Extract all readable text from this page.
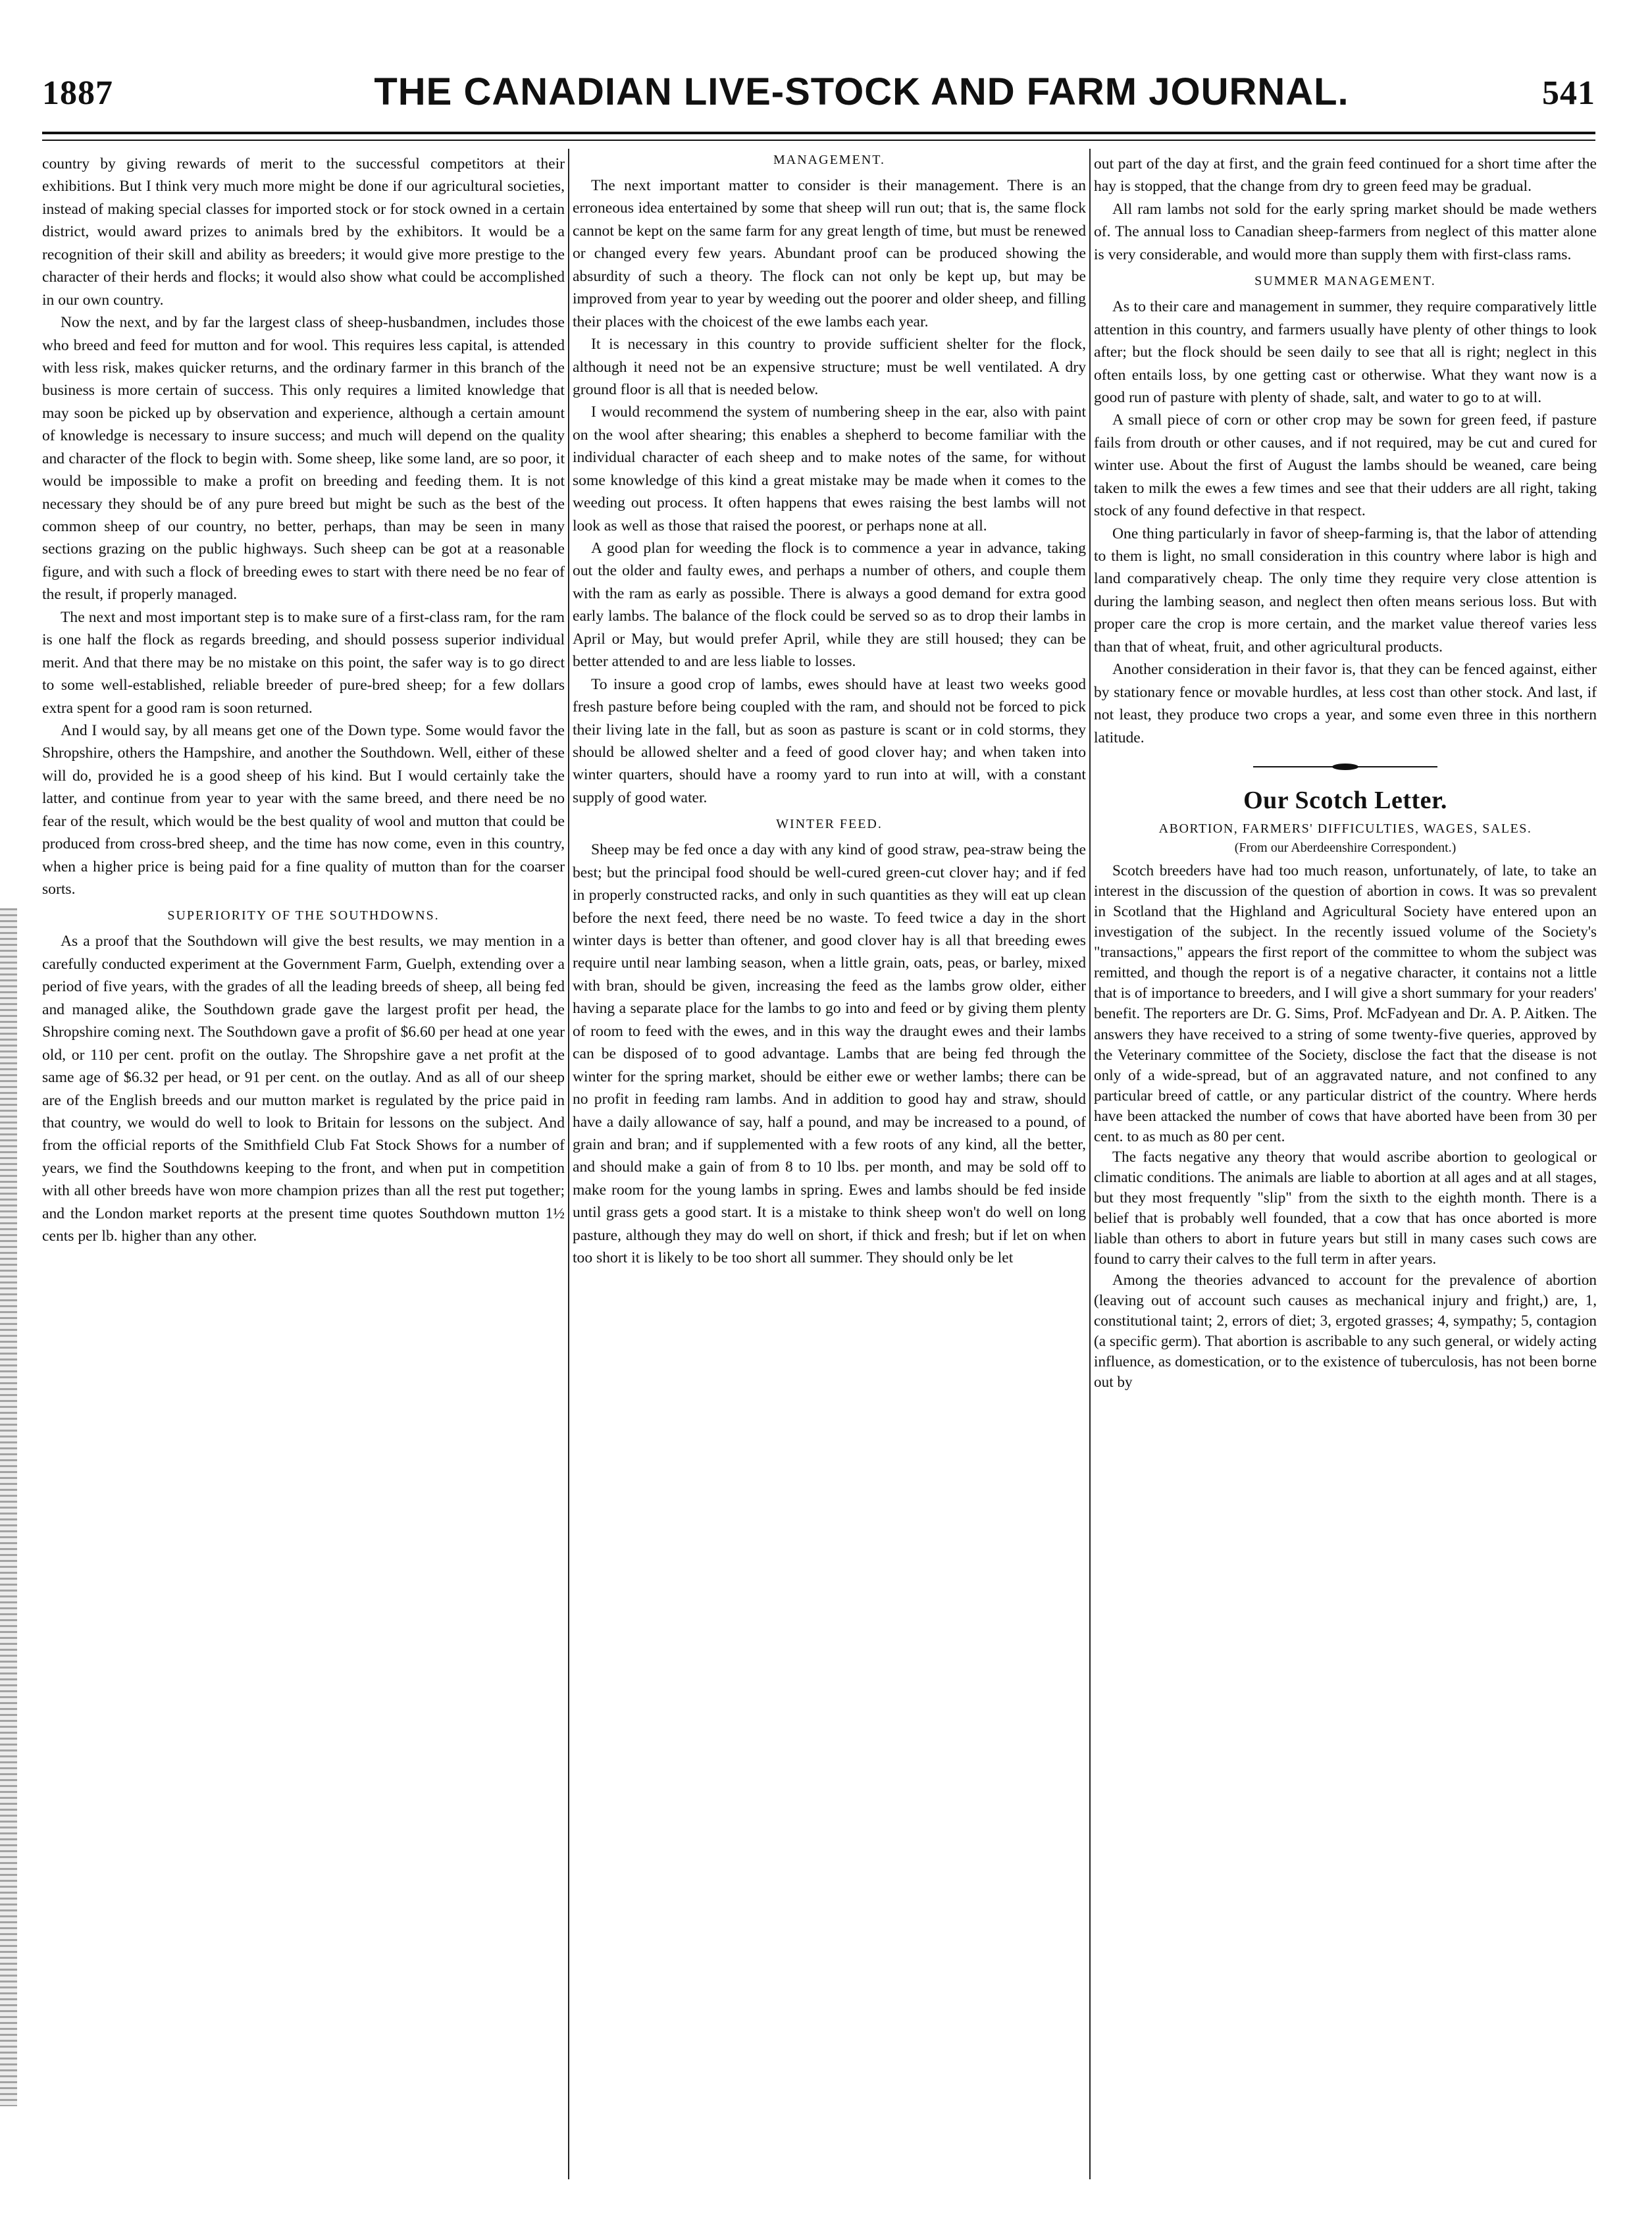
1887	THE CANADIAN LIVE-STOCK AND FARM JOURNAL.	541

country by giving rewards of merit to the successful competitors at their exhibitions. But I think very much more might be done if our agricultural societies, instead of making special classes for imported stock or for stock owned in a certain district, would award prizes to animals bred by the exhibitors. It would be a recognition of their skill and ability as breeders; it would give more prestige to the character of their herds and flocks; it would also show what could be accomplished in our own country.

Now the next, and by far the largest class of sheep-husbandmen, includes those who breed and feed for mutton and for wool. This requires less capital, is attended with less risk, makes quicker returns, and the ordinary farmer in this branch of the business is more certain of success. This only requires a limited knowledge that may soon be picked up by observation and experience, although a certain amount of knowledge is necessary to insure success; and much will depend on the quality and character of the flock to begin with. Some sheep, like some land, are so poor, it would be impossible to make a profit on breeding and feeding them. It is not necessary they should be of any pure breed but might be such as the best of the common sheep of our country, no better, perhaps, than may be seen in many sections grazing on the public highways. Such sheep can be got at a reasonable figure, and with such a flock of breeding ewes to start with there need be no fear of the result, if properly managed.

The next and most important step is to make sure of a first-class ram, for the ram is one half the flock as regards breeding, and should possess superior individual merit. And that there may be no mistake on this point, the safer way is to go direct to some well-established, reliable breeder of pure-bred sheep; for a few dollars extra spent for a good ram is soon returned.

And I would say, by all means get one of the Down type. Some would favor the Shropshire, others the Hampshire, and another the Southdown. Well, either of these will do, provided he is a good sheep of his kind. But I would certainly take the latter, and continue from year to year with the same breed, and there need be no fear of the result, which would be the best quality of wool and mutton that could be produced from cross-bred sheep, and the time has now come, even in this country, when a higher price is being paid for a fine quality of mutton than for the coarser sorts.

SUPERIORITY OF THE SOUTHDOWNS.

As a proof that the Southdown will give the best results, we may mention in a carefully conducted experiment at the Government Farm, Guelph, extending over a period of five years, with the grades of all the leading breeds of sheep, all being fed and managed alike, the Southdown grade gave the largest profit per head, the Shropshire coming next. The Southdown gave a profit of $6.60 per head at one year old, or 110 per cent. profit on the outlay. The Shropshire gave a net profit at the same age of $6.32 per head, or 91 per cent. on the outlay. And as all of our sheep are of the English breeds and our mutton market is regulated by the price paid in that country, we would do well to look to Britain for lessons on the subject. And from the official reports of the Smithfield Club Fat Stock Shows for a number of years, we find the Southdowns keeping to the front, and when put in competition with all other breeds have won more champion prizes than all the rest put together; and the London market reports at the present time quotes Southdown mutton 1½ cents per lb. higher than any other.

MANAGEMENT.

The next important matter to consider is their management. There is an erroneous idea entertained by some that sheep will run out; that is, the same flock cannot be kept on the same farm for any great length of time, but must be renewed or changed every few years. Abundant proof can be produced showing the absurdity of such a theory. The flock can not only be kept up, but may be improved from year to year by weeding out the poorer and older sheep, and filling their places with the choicest of the ewe lambs each year.

It is necessary in this country to provide sufficient shelter for the flock, although it need not be an expensive structure; must be well ventilated. A dry ground floor is all that is needed below.

I would recommend the system of numbering sheep in the ear, also with paint on the wool after shearing; this enables a shepherd to become familiar with the individual character of each sheep and to make notes of the same, for without some knowledge of this kind a great mistake may be made when it comes to the weeding out process. It often happens that ewes raising the best lambs will not look as well as those that raised the poorest, or perhaps none at all.

A good plan for weeding the flock is to commence a year in advance, taking out the older and faulty ewes, and perhaps a number of others, and couple them with the ram as early as possible. There is always a good demand for extra good early lambs. The balance of the flock could be served so as to drop their lambs in April or May, but would prefer April, while they are still housed; they can be better attended to and are less liable to losses.

To insure a good crop of lambs, ewes should have at least two weeks good fresh pasture before being coupled with the ram, and should not be forced to pick their living late in the fall, but as soon as pasture is scant or in cold storms, they should be allowed shelter and a feed of good clover hay; and when taken into winter quarters, should have a roomy yard to run into at will, with a constant supply of good water.

WINTER FEED.

Sheep may be fed once a day with any kind of good straw, pea-straw being the best; but the principal food should be well-cured green-cut clover hay; and if fed in properly constructed racks, and only in such quantities as they will eat up clean before the next feed, there need be no waste. To feed twice a day in the short winter days is better than oftener, and good clover hay is all that breeding ewes require until near lambing season, when a little grain, oats, peas, or barley, mixed with bran, should be given, increasing the feed as the lambs grow older, either having a separate place for the lambs to go into and feed or by giving them plenty of room to feed with the ewes, and in this way the draught ewes and their lambs can be disposed of to good advantage. Lambs that are being fed through the winter for the spring market, should be either ewe or wether lambs; there can be no profit in feeding ram lambs. And in addition to good hay and straw, should have a daily allowance of say, half a pound, and may be increased to a pound, of grain and bran; and if supplemented with a few roots of any kind, all the better, and should make a gain of from 8 to 10 lbs. per month, and may be sold off to make room for the young lambs in spring. Ewes and lambs should be fed inside until grass gets a good start. It is a mistake to think sheep won't do well on long pasture, although they may do well on short, if thick and fresh; but if let on when too short it is likely to be too short all summer. They should only be let

out part of the day at first, and the grain feed continued for a short time after the hay is stopped, that the change from dry to green feed may be gradual.

All ram lambs not sold for the early spring market should be made wethers of. The annual loss to Canadian sheep-farmers from neglect of this matter alone is very considerable, and would more than supply them with first-class rams.

SUMMER MANAGEMENT.

As to their care and management in summer, they require comparatively little attention in this country, and farmers usually have plenty of other things to look after; but the flock should be seen daily to see that all is right; neglect in this often entails loss, by one getting cast or otherwise. What they want now is a good run of pasture with plenty of shade, salt, and water to go to at will.

A small piece of corn or other crop may be sown for green feed, if pasture fails from drouth or other causes, and if not required, may be cut and cured for winter use. About the first of August the lambs should be weaned, care being taken to milk the ewes a few times and see that their udders are all right, taking stock of any found defective in that respect.

One thing particularly in favor of sheep-farming is, that the labor of attending to them is light, no small consideration in this country where labor is high and land comparatively cheap. The only time they require very close attention is during the lambing season, and neglect then often means serious loss. But with proper care the crop is more certain, and the market value thereof varies less than that of wheat, fruit, and other agricultural products.

Another consideration in their favor is, that they can be fenced against, either by stationary fence or movable hurdles, at less cost than other stock. And last, if not least, they produce two crops a year, and some even three in this northern latitude.

Our Scotch Letter.
ABORTION, FARMERS' DIFFICULTIES, WAGES, SALES.
(From our Aberdeenshire Correspondent.)

Scotch breeders have had too much reason, unfortunately, of late, to take an interest in the discussion of the question of abortion in cows. It was so prevalent in Scotland that the Highland and Agricultural Society have entered upon an investigation of the subject. In the recently issued volume of the Society's "transactions," appears the first report of the committee to whom the subject was remitted, and though the report is of a negative character, it contains not a little that is of importance to breeders, and I will give a short summary for your readers' benefit. The reporters are Dr. G. Sims, Prof. McFadyean and Dr. A. P. Aitken. The answers they have received to a string of some twenty-five queries, approved by the Veterinary committee of the Society, disclose the fact that the disease is not only of a wide-spread, but of an aggravated nature, and not confined to any particular breed of cattle, or any particular district of the country. Where herds have been attacked the number of cows that have aborted have been from 30 per cent. to as much as 80 per cent.

The facts negative any theory that would ascribe abortion to geological or climatic conditions. The animals are liable to abortion at all ages and at all stages, but they most frequently "slip" from the sixth to the eighth month. There is a belief that is probably well founded, that a cow that has once aborted is more liable than others to abort in future years but still in many cases such cows are found to carry their calves to the full term in after years.

Among the theories advanced to account for the prevalence of abortion (leaving out of account such causes as mechanical injury and fright,) are, 1, constitutional taint; 2, errors of diet; 3, ergoted grasses; 4, sympathy; 5, contagion (a specific germ). That abortion is ascribable to any such general, or widely acting influence, as domestication, or to the existence of tuberculosis, has not been borne out by
